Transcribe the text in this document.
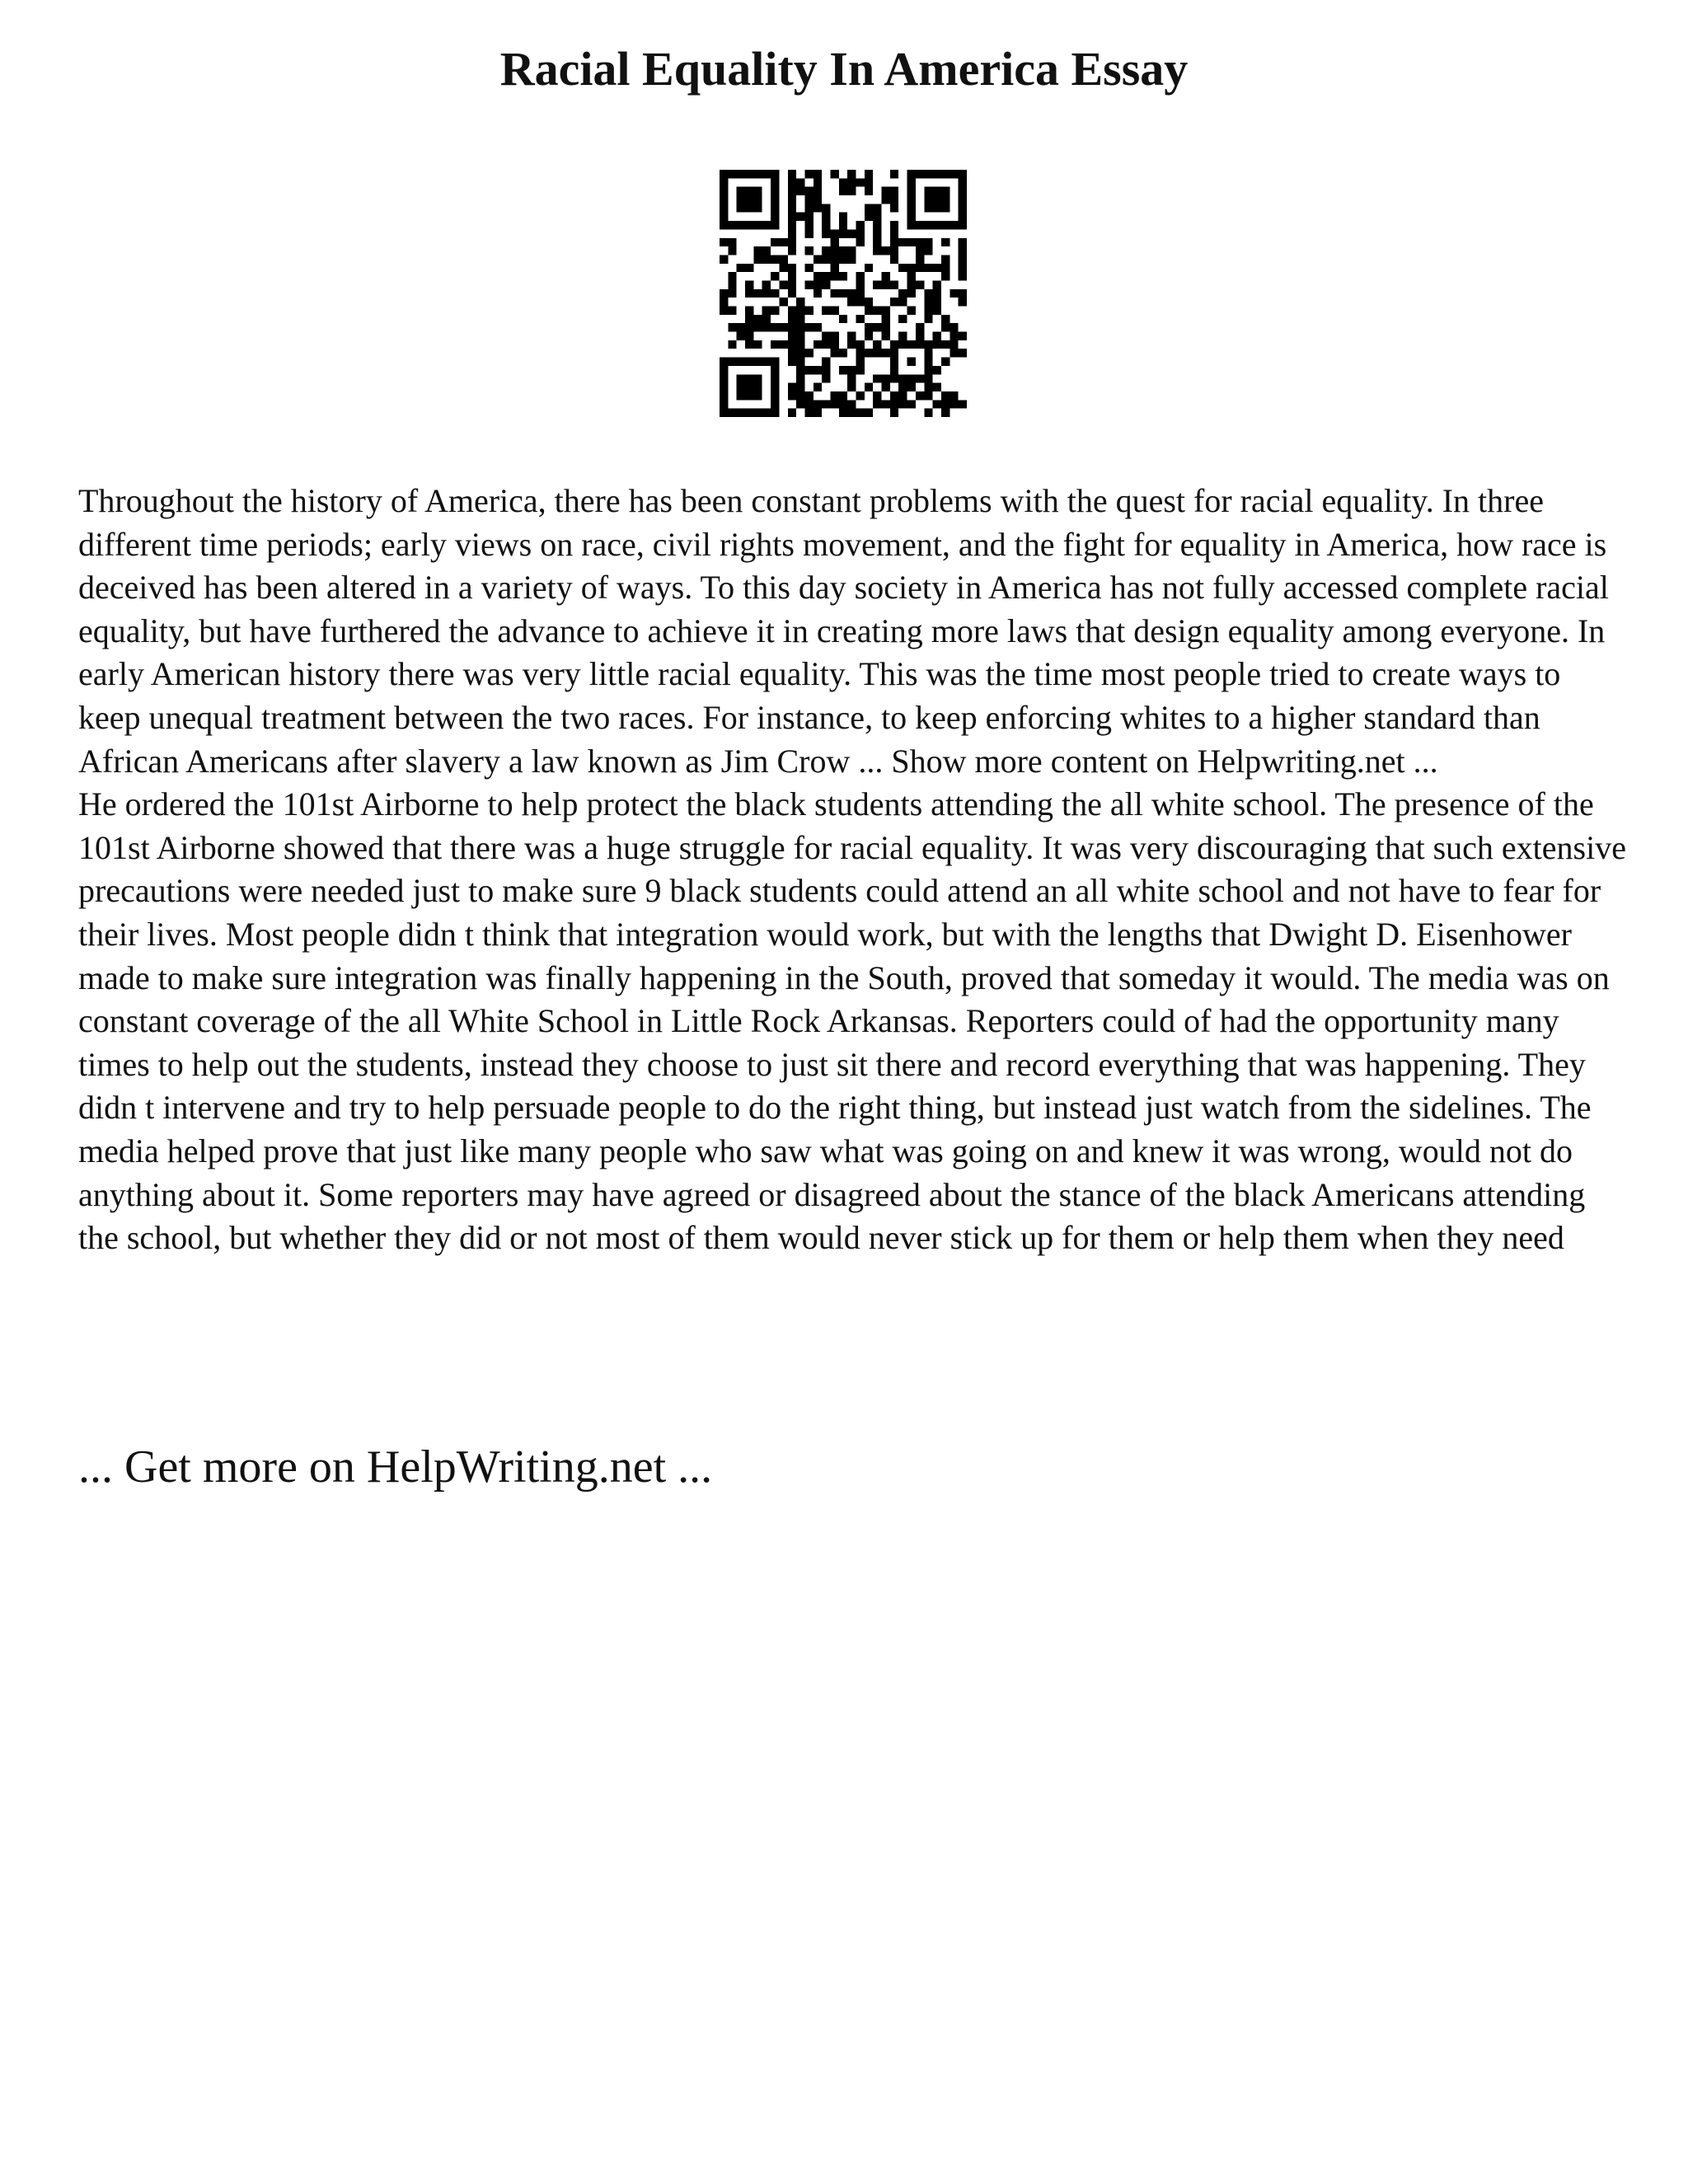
Racial Equality In America Essay

Throughout the history of America, there has been constant problems with the quest for racial equality. In three different time periods; early views on race, civil rights movement, and the fight for equality in America, how race is deceived has been altered in a variety of ways. To this day society in America has not fully accessed complete racial equality, but have furthered the advance to achieve it in creating more laws that design equality among everyone. In early American history there was very little racial equality. This was the time most people tried to create ways to keep unequal treatment between the two races. For instance, to keep enforcing whites to a higher standard than African Americans after slavery a law known as Jim Crow ... Show more content on Helpwriting.net ...

He ordered the 101st Airborne to help protect the black students attending the all white school. The presence of the 101st Airborne showed that there was a huge struggle for racial equality. It was very discouraging that such extensive precautions were needed just to make sure 9 black students could attend an all white school and not have to fear for their lives. Most people didn t think that integration would work, but with the lengths that Dwight D. Eisenhower made to make sure integration was finally happening in the South, proved that someday it would. The media was on constant coverage of the all White School in Little Rock Arkansas. Reporters could of had the opportunity many times to help out the students, instead they choose to just sit there and record everything that was happening. They didn t intervene and try to help persuade people to do the right thing, but instead just watch from the sidelines. The media helped prove that just like many people who saw what was going on and knew it was wrong, would not do anything about it. Some reporters may have agreed or disagreed about the stance of the black Americans attending the school, but whether they did or not most of them would never stick up for them or help them when they need

... Get more on HelpWriting.net ...
